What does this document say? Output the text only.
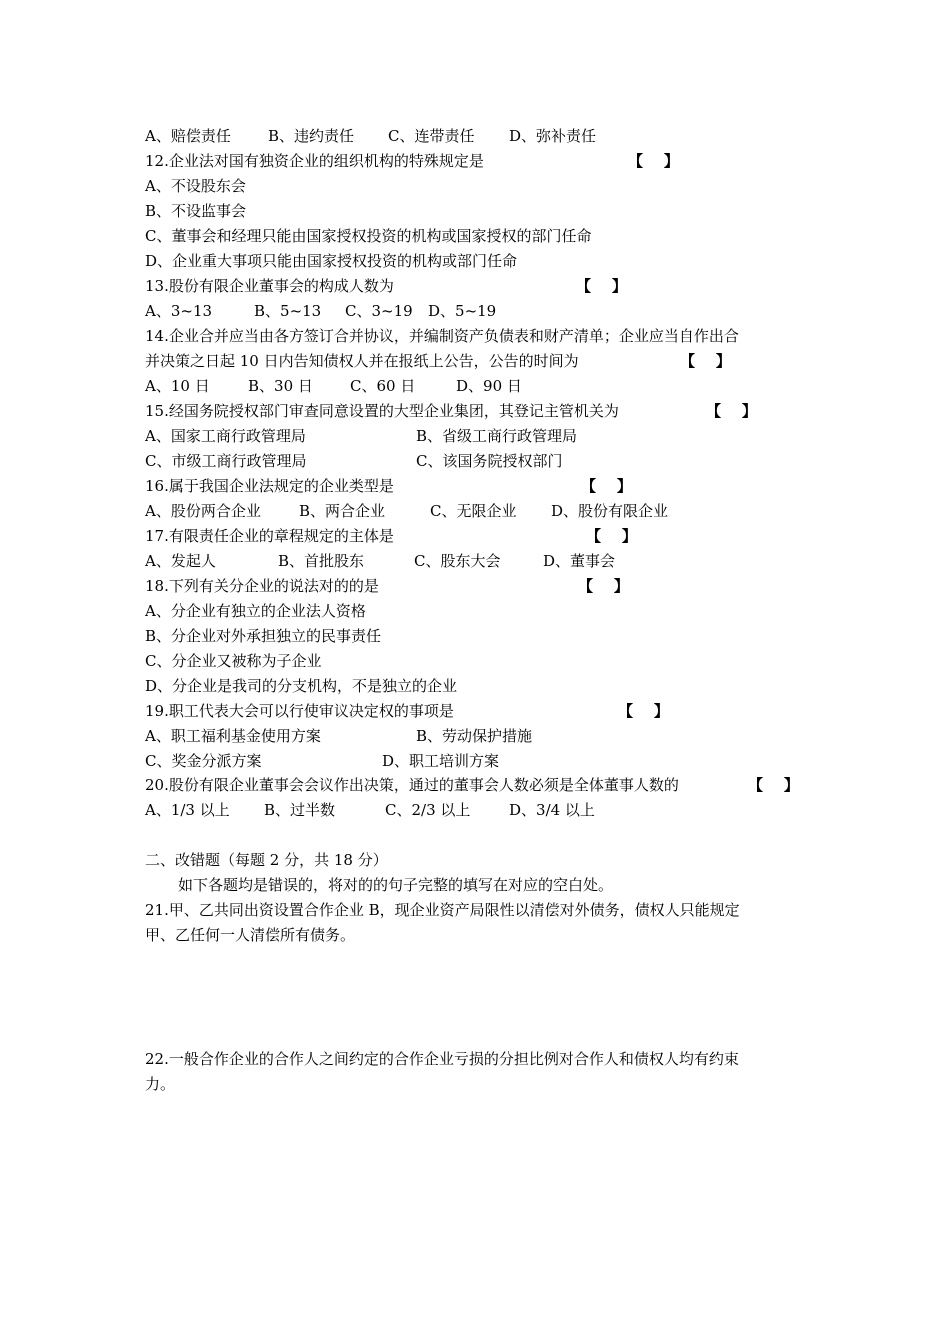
A、赔偿责任 B、违约责任 C、连带责任 D、弥补责任
12.企业法对国有独资企业的组织机构的特殊规定是	【    】
A、不设股东会
B、不设监事会
C、董事会和经理只能由国家授权投资的机构或国家授权的部门任命
D、企业重大事项只能由国家授权投资的机构或部门任命
13.股份有限企业董事会的构成人数为	【    】
A、3~13	B、5~13 C、3~19 D、5~19
14.企业合并应当由各方签订合并协议，并编制资产负债表和财产清单；企业应当自作出合
并决策之日起 10 日内告知债权人并在报纸上公告，公告的时间为	【    】
A、10 日	B、30 日 C、60 日	D、90 日
15.经国务院授权部门审查同意设置的大型企业集团，其登记主管机关为	【    】
A、国家工商行政管理局	B、省级工商行政管理局
C、市级工商行政管理局	C、该国务院授权部门
16.属于我国企业法规定的企业类型是	【    】
A、股份两合企业	B、两合企业	C、无限企业 D、股份有限企业
17.有限责任企业的章程规定的主体是	【    】
A、发起人	B、首批股东	C、股东大会	D、董事会
18.下列有关分企业的说法对的的是	【    】
A、分企业有独立的企业法人资格
B、分企业对外承担独立的民事责任
C、分企业又被称为子企业
D、分企业是我司的分支机构，不是独立的企业
19.职工代表大会可以行使审议决定权的事项是	【    】
A、职工福利基金使用方案	B、劳动保护措施
C、奖金分派方案	D、职工培训方案
20.股份有限企业董事会会议作出决策，通过的董事会人数必须是全体董事人数的	【    】
A、1/3 以上 B、过半数	C、2/3 以上	D、3/4 以上
二、改错题（每题 2 分，共 18 分）
如下各题均是错误的，将对的的句子完整的填写在对应的空白处。
21.甲、乙共同出资设置合作企业 B，现企业资产局限性以清偿对外债务，债权人只能规定
甲、乙任何一人清偿所有债务。
22.一般合作企业的合作人之间约定的合作企业亏损的分担比例对合作人和债权人均有约束
力。
